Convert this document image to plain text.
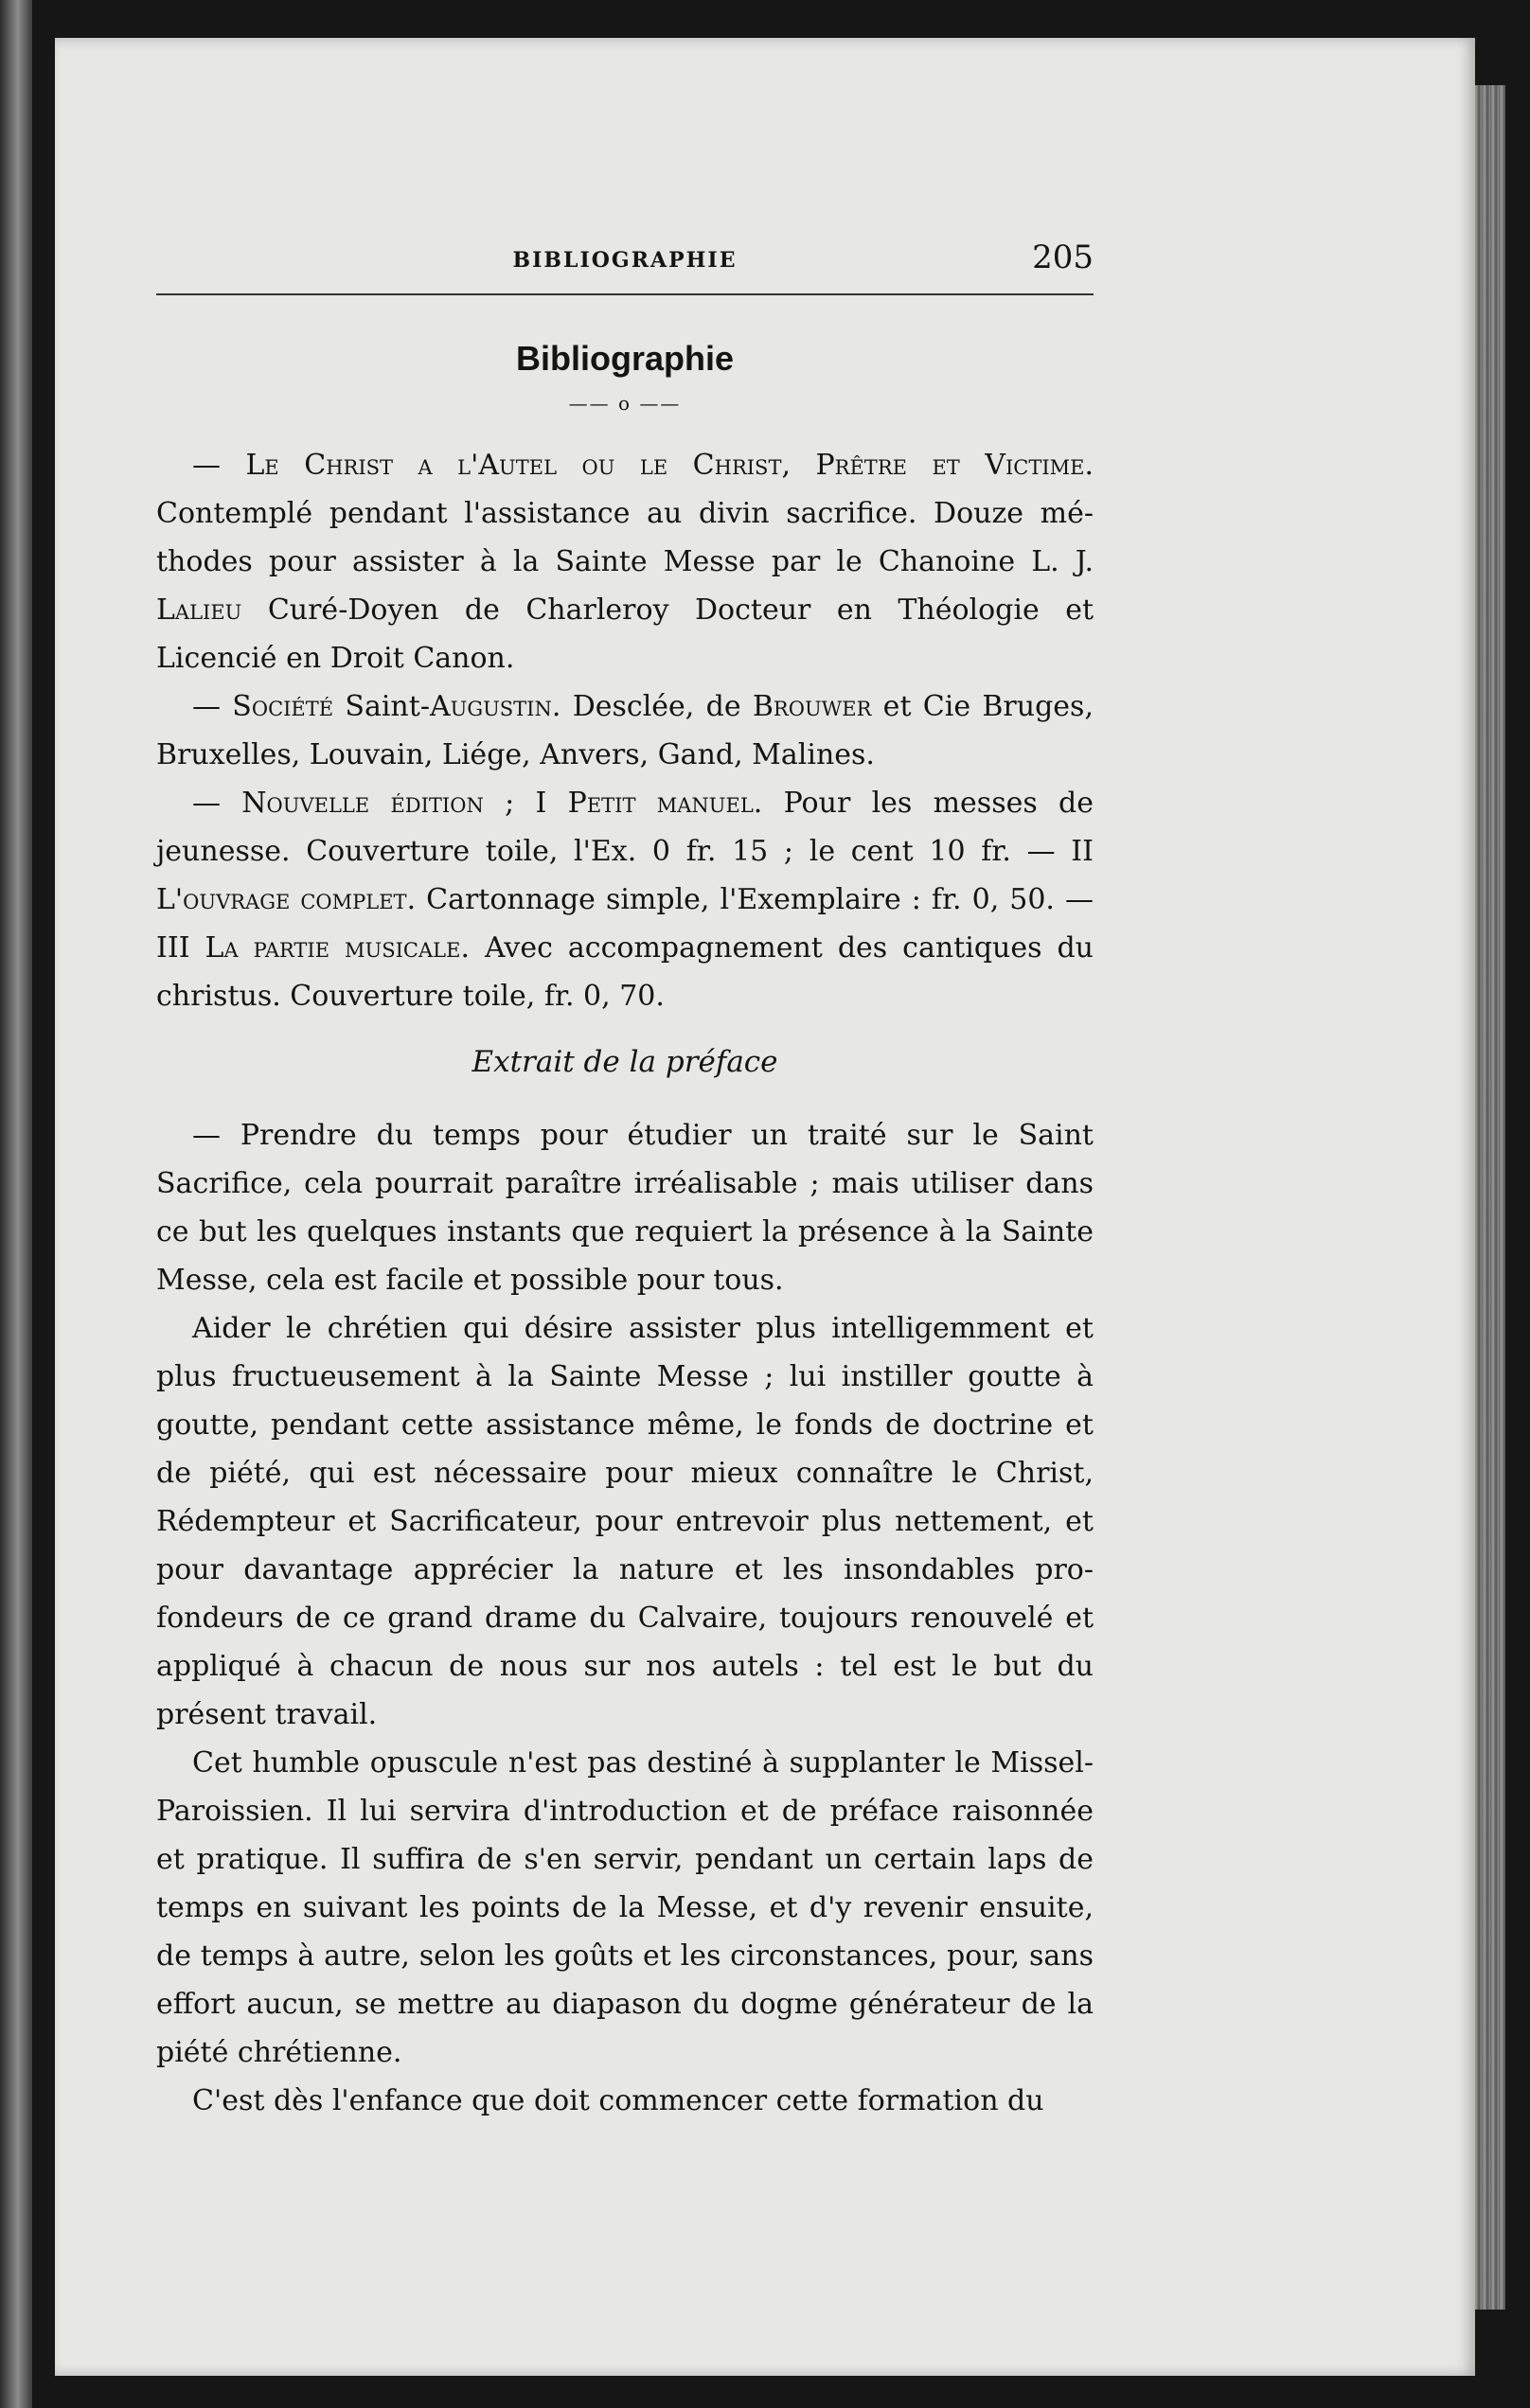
BIBLIOGRAPHIE	205
Bibliographie
—— o ——

— Le Christ a l'Autel ou le Christ, Prêtre et Victime. Contemplé pendant l'assistance au divin sacrifice. Douze méthodes pour assister à la Sainte Messe par le Chanoine L. J. Lalieu Curé-Doyen de Charleroy Docteur en Théologie et Licencié en Droit Canon.

— Société Saint-Augustin. Desclée, de Brouwer et Cie Bruges, Bruxelles, Louvain, Liége, Anvers, Gand, Malines.

— Nouvelle édition ; I Petit manuel. Pour les messes de jeunesse. Couverture toile, l'Ex. 0 fr. 15 ; le cent 10 fr. — II L'ouvrage complet. Cartonnage simple, l'Exemplaire : fr. 0, 50. — III La partie musicale. Avec accompagnement des cantiques du christus. Couverture toile, fr. 0, 70.

Extrait de la préface

— Prendre du temps pour étudier un traité sur le Saint Sacrifice, cela pourrait paraître irréalisable ; mais utiliser dans ce but les quelques instants que requiert la présence à la Sainte Messe, cela est facile et possible pour tous.

Aider le chrétien qui désire assister plus intelligemment et plus fructueusement à la Sainte Messe ; lui instiller goutte à goutte, pendant cette assistance même, le fonds de doctrine et de piété, qui est nécessaire pour mieux connaître le Christ, Rédempteur et Sacrificateur, pour entrevoir plus nettement, et pour davantage apprécier la nature et les insondables profondeurs de ce grand drame du Calvaire, toujours renouvelé et appliqué à chacun de nous sur nos autels : tel est le but du présent travail.

Cet humble opuscule n'est pas destiné à supplanter le Missel-Paroissien. Il lui servira d'introduction et de préface raisonnée et pratique. Il suffira de s'en servir, pendant un certain laps de temps en suivant les points de la Messe, et d'y revenir ensuite, de temps à autre, selon les goûts et les circonstances, pour, sans effort aucun, se mettre au diapason du dogme générateur de la piété chrétienne.

C'est dès l'enfance que doit commencer cette formation du
